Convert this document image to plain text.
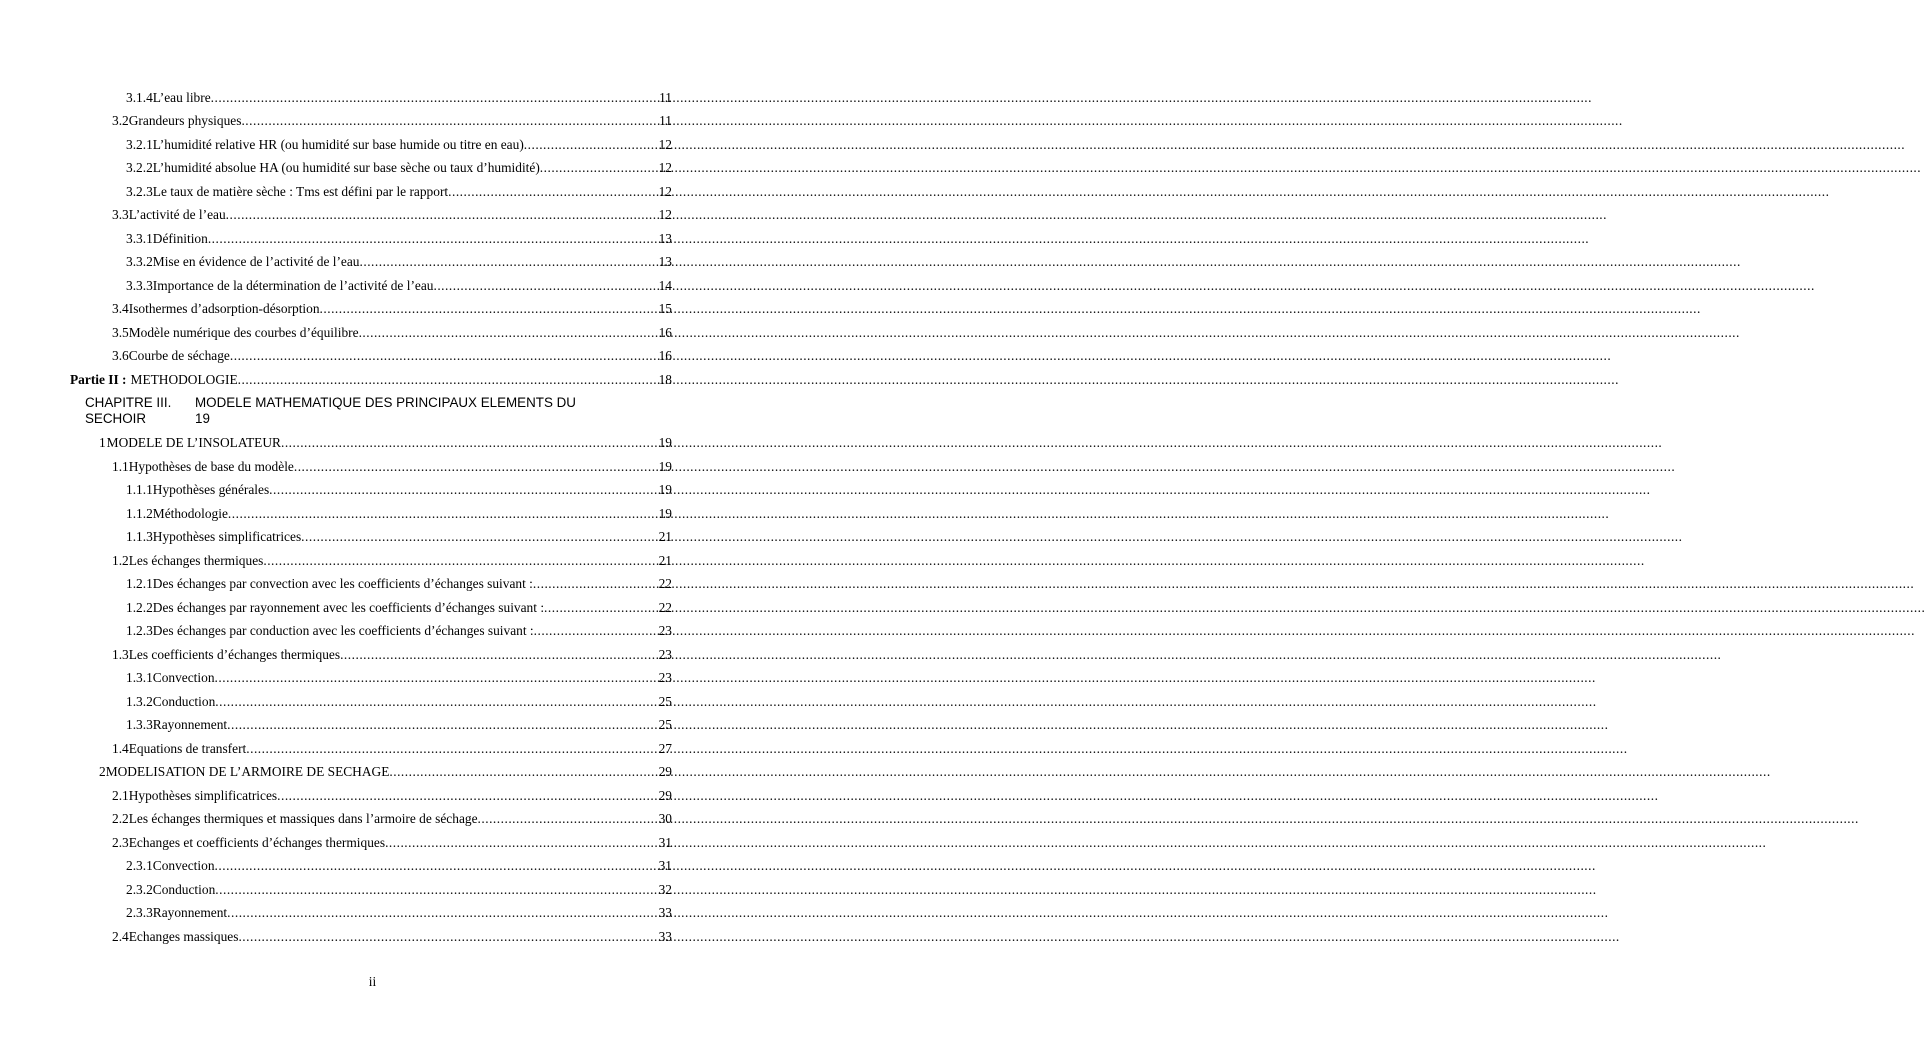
3.1.4 L’eau libre .....	11
3.2 Grandeurs physiques .....	11
3.2.1 L’humidité relative HR (ou humidité sur base humide ou titre en eau) .....	12
3.2.2 L’humidité absolue HA (ou humidité sur base sèche ou taux d’humidité) .....	12
3.2.3 Le taux de matière sèche : Tms est défini par le rapport .....	12
3.3 L’activité de l’eau .....	12
3.3.1 Définition .....	13
3.3.2 Mise en évidence de l’activité de l’eau .....	13
3.3.3 Importance de la détermination de l’activité de l’eau .....	14
3.4 Isothermes d’adsorption-désorption .....	15
3.5 Modèle numérique des courbes d’équilibre .....	16
3.6 Courbe de séchage .....	16
Partie II : METHODOLOGIE .....	18
CHAPITRE III.	MODELE MATHEMATIQUE DES PRINCIPAUX ELEMENTS DU
SECHOIR	19
1 MODELE DE L’INSOLATEUR .....	19
1.1 Hypothèses de base du modèle .....	19
1.1.1 Hypothèses générales .....	19
1.1.2 Méthodologie .....	19
1.1.3 Hypothèses simplificatrices .....	21
1.2 Les échanges thermiques .....	21
1.2.1 Des échanges par convection avec les coefficients d’échanges suivant : .....	22
1.2.2 Des échanges par rayonnement avec les coefficients d’échanges suivant : .....	22
1.2.3 Des échanges par conduction avec les coefficients d’échanges suivant : .....	23
1.3 Les coefficients d’échanges thermiques .....	23
1.3.1 Convection .....	23
1.3.2 Conduction .....	25
1.3.3 Rayonnement .....	25
1.4 Equations de transfert .....	27
2 MODELISATION DE L’ARMOIRE DE SECHAGE .....	29
2.1 Hypothèses simplificatrices .....	29
2.2 Les échanges thermiques et massiques dans l’armoire de séchage .....	30
2.3 Echanges et coefficients d’échanges thermiques .....	31
2.3.1 Convection .....	31
2.3.2 Conduction .....	32
2.3.3 Rayonnement .....	33
2.4 Echanges massiques .....	33
ii
